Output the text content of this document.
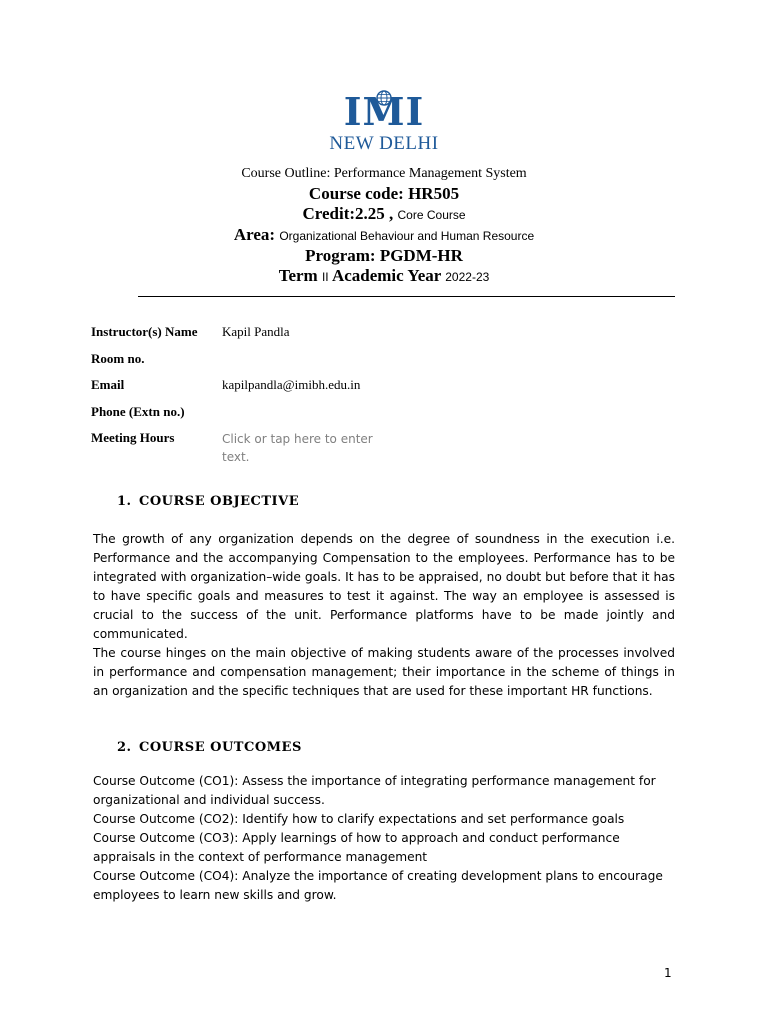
IMI
NEW DELHI
Course Outline: Performance Management System
Course code: HR505
Credit:2.25 , Core Course
Area: Organizational Behaviour and Human Resource
Program: PGDM-HR
Term II Academic Year 2022-23
Instructor(s) Name Kapil Pandla
Room no.
Email	kapilpandla@imibh.edu.in
Phone (Extn no.)
Meeting Hours	Click or tap here to enter text.
1. COURSE OBJECTIVE

The growth of any organization depends on the degree of soundness in the execution i.e. Performance and the accompanying Compensation to the employees. Performance has to be integrated with organization–wide goals. It has to be appraised, no doubt but before that it has to have specific goals and measures to test it against. The way an employee is assessed is crucial to the success of the unit. Performance platforms have to be made jointly and communicated.

The course hinges on the main objective of making students aware of the processes involved in performance and compensation management; their importance in the scheme of things in an organization and the specific techniques that are used for these important HR functions.

2. COURSE OUTCOMES

Course Outcome (CO1): Assess the importance of integrating performance management for organizational and individual success.

Course Outcome (CO2): Identify how to clarify expectations and set performance goals

Course Outcome (CO3): Apply learnings of how to approach and conduct performance appraisals in the context of performance management

Course Outcome (CO4): Analyze the importance of creating development plans to encourage employees to learn new skills and grow.

1
